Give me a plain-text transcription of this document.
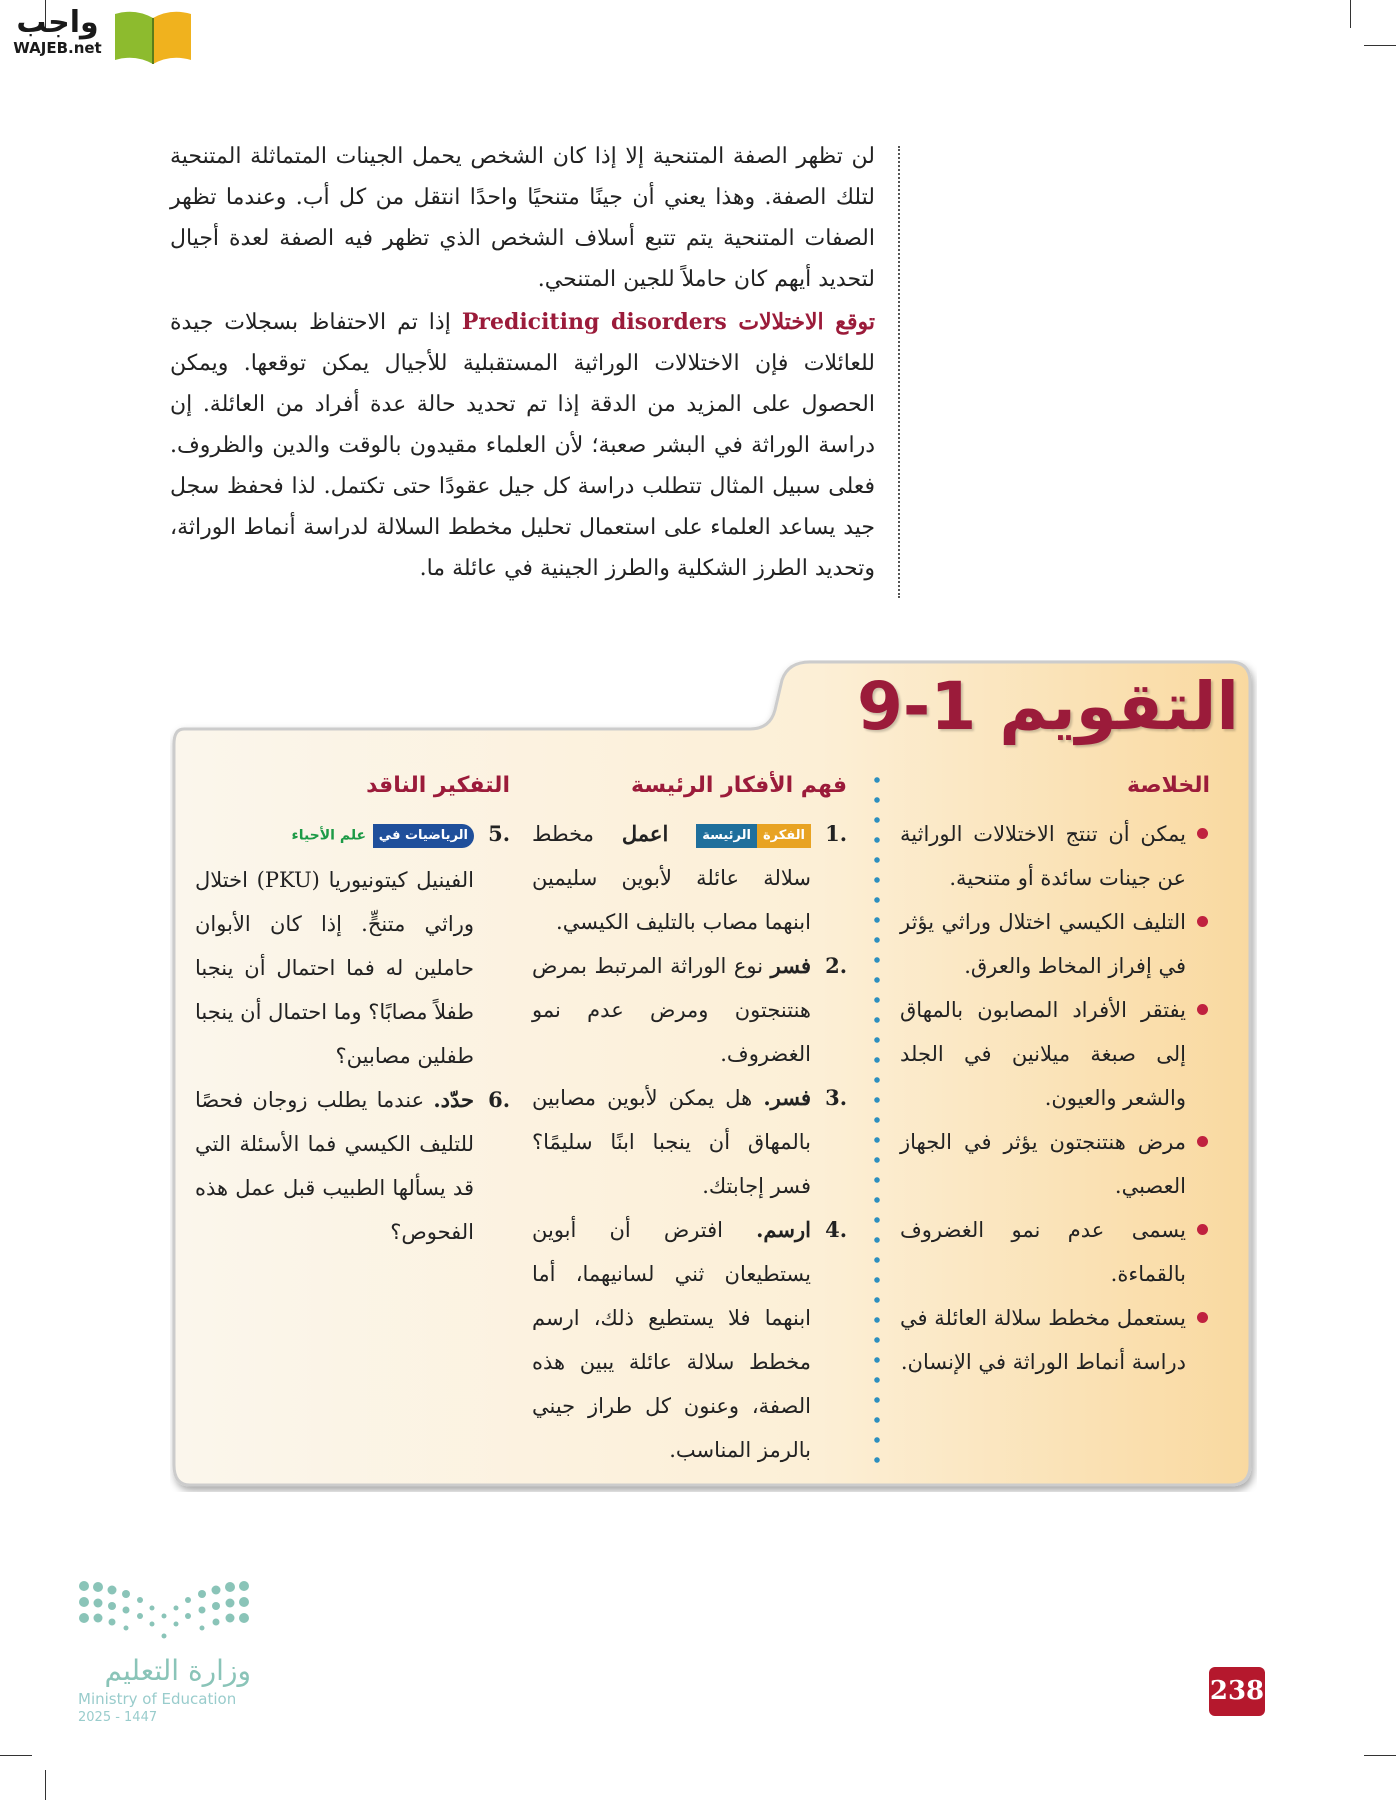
واجب
WAJEB.net

لن تظهر الصفة المتنحية إلا إذا كان الشخص يحمل الجينات المتماثلة المتنحية لتلك الصفة. وهذا يعني أن جينًا متنحيًا واحدًا انتقل من كل أب. وعندما تظهر الصفات المتنحية يتم تتبع أسلاف الشخص الذي تظهر فيه الصفة لعدة أجيال لتحديد أيهم كان حاملاً للجين المتنحي.

توقع الاختلالات Prediciting disorders إذا تم الاحتفاظ بسجلات جيدة للعائلات فإن الاختلالات الوراثية المستقبلية للأجيال يمكن توقعها. ويمكن الحصول على المزيد من الدقة إذا تم تحديد حالة عدة أفراد من العائلة. إن دراسة الوراثة في البشر صعبة؛ لأن العلماء مقيدون بالوقت والدين والظروف. فعلى سبيل المثال تتطلب دراسة كل جيل عقودًا حتى تكتمل. لذا فحفظ سجل جيد يساعد العلماء على استعمال تحليل مخطط السلالة لدراسة أنماط الوراثة، وتحديد الطرز الشكلية والطرز الجينية في عائلة ما.

التقويم 1-9
الخلاصة
يمكن أن تنتج الاختلالات الوراثية عن جينات سائدة أو متنحية.
التليف الكيسي اختلال وراثي يؤثر في إفراز المخاط والعرق.
يفتقر الأفراد المصابون بالمهاق إلى صبغة ميلانين في الجلد والشعر والعيون.
مرض هنتنجتون يؤثر في الجهاز العصبي.
يسمى عدم نمو الغضروف بالقماءة.
يستعمل مخطط سلالة العائلة في دراسة أنماط الوراثة في الإنسان.
فهم الأفكار الرئيسة
.1
الفكرةالرئيسة اعمل مخطط سلالة عائلة لأبوين سليمين ابنهما مصاب بالتليف الكيسي.
.2
فسر نوع الوراثة المرتبط بمرض هنتنجتون ومرض عدم نمو الغضروف.
.3
فسر. هل يمكن لأبوين مصابين بالمهاق أن ينجبا ابنًا سليمًا؟ فسر إجابتك.
.4
ارسم. افترض أن أبوين يستطيعان ثني لسانيهما، أما ابنهما فلا يستطيع ذلك، ارسم مخطط سلالة عائلة يبين هذه الصفة، وعنون كل طراز جيني بالرمز المناسب.
التفكير الناقد
.5
الرياضيات في علم الأحياء
الفينيل كيتونيوريا (PKU) اختلال وراثي متنحٍّ. إذا كان الأبوان حاملين له فما احتمال أن ينجبا طفلاً مصابًا؟ وما احتمال أن ينجبا طفلين مصابين؟
.6
حدّد. عندما يطلب زوجان فحصًا للتليف الكيسي فما الأسئلة التي قد يسألها الطبيب قبل عمل هذه الفحوص؟
وزارة التعليم
Ministry of Education
2025 - 1447
238
